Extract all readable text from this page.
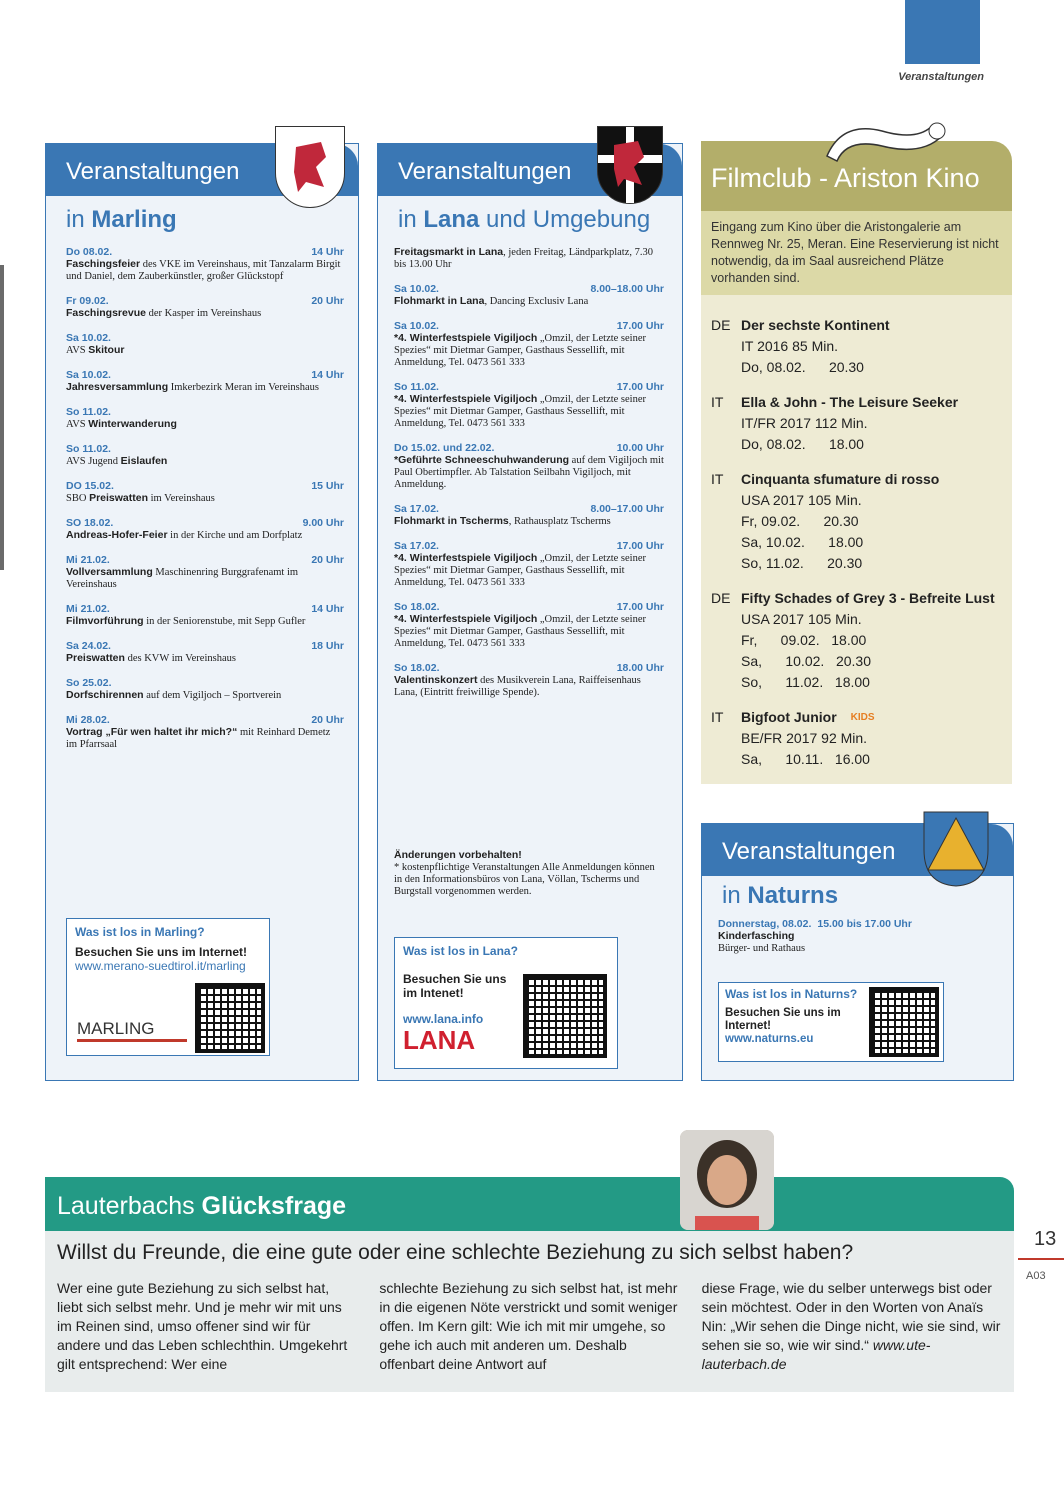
Veranstaltungen
Veranstaltungen
in Marling
Do 08.02.	14 Uhr
Faschingsfeier des VKE im Vereinshaus, mit Tanzalarm Birgit und Daniel, dem Zauberkünstler, großer Glückstopf
Fr 09.02.	20 Uhr
Faschingsrevue der Kasper im Vereinshaus
Sa 10.02.
AVS Skitour
Sa 10.02.	14 Uhr
Jahresversammlung Imkerbezirk Meran im Vereinshaus
So 11.02.
AVS Winterwanderung
So 11.02.
AVS Jugend Eislaufen
DO 15.02.	15 Uhr
SBO Preiswatten im Vereinshaus
SO 18.02.	9.00 Uhr
Andreas-Hofer-Feier in der Kirche und am Dorfplatz
Mi 21.02.	20 Uhr
Vollversammlung Maschinenring Burggrafenamt im Vereinshaus
Mi 21.02.	14 Uhr
Filmvorführung in der Seniorenstube, mit Sepp Gufler
Sa 24.02.	18 Uhr
Preiswatten des KVW im Vereinshaus
So 25.02.
Dorfschirennen auf dem Vigiljoch – Sportverein
Mi 28.02.	20 Uhr
Vortrag „Für wen haltet ihr mich?“ mit Reinhard Demetz im Pfarrsaal
Was ist los in Marling?
Besuchen Sie uns im Internet!
www.merano-suedtirol.it/marling
MARLING
Veranstaltungen
in Lana und Umgebung
Freitagsmarkt in Lana, jeden Freitag, Ländparkplatz, 7.30 bis 13.00 Uhr
Sa 10.02.	8.00–18.00 Uhr
Flohmarkt in Lana, Dancing Exclusiv Lana
Sa 10.02.	17.00 Uhr
*4. Winterfestspiele Vigiljoch „Omzil, der Letzte seiner Spezies“ mit Dietmar Gamper, Gasthaus Sessellift, mit Anmeldung, Tel. 0473 561 333
So 11.02.	17.00 Uhr
*4. Winterfestspiele Vigiljoch „Omzil, der Letzte seiner Spezies“ mit Dietmar Gamper, Gasthaus Sessellift, mit Anmeldung, Tel. 0473 561 333
Do 15.02. und 22.02.	10.00 Uhr
*Geführte Schneeschuhwanderung auf dem Vigiljoch mit Paul Obertimpfler. Ab Talstation Seilbahn Vigiljoch, mit Anmeldung.
Sa 17.02.	8.00–17.00 Uhr
Flohmarkt in Tscherms, Rathausplatz Tscherms
Sa 17.02.	17.00 Uhr
*4. Winterfestspiele Vigiljoch „Omzil, der Letzte seiner Spezies“ mit Dietmar Gamper, Gasthaus Sessellift, mit Anmeldung, Tel. 0473 561 333
So 18.02.	17.00 Uhr
*4. Winterfestspiele Vigiljoch „Omzil, der Letzte seiner Spezies“ mit Dietmar Gamper, Gasthaus Sessellift, mit Anmeldung, Tel. 0473 561 333
So 18.02.	18.00 Uhr
Valentinskonzert des Musikverein Lana, Raiffeisenhaus Lana, (Eintritt freiwillige Spende).
Änderungen vorbehalten!
* kostenpflichtige Veranstaltungen Alle Anmeldungen können in den Informationsbüros von Lana, Völlan, Tscherms und Burgstall vorgenommen werden.
Was ist los in Lana?
Besuchen Sie uns im Intenet!
www.lana.info
LANA
Filmclub - Ariston Kino
Eingang zum Kino über die Aristongalerie am Rennweg Nr. 25, Meran. Eine Reservierung ist nicht notwendig, da im Saal ausreichend Plätze vorhanden sind.
DE Der sechste Kontinent
IT 2016 85 Min.
Do, 08.02.      20.30
IT	Ella & John - The Leisure Seeker
IT/FR 2017 112 Min.
Do, 08.02.      18.00
IT	Cinquanta sfumature di rosso
USA 2017 105 Min.
Fr, 09.02.      20.30
Sa, 10.02.      18.00
So, 11.02.      20.30
DE Fifty Schades of Grey 3 - Befreite Lust
USA 2017 105 Min.
Fr,      09.02.   18.00
Sa,      10.02.   20.30
So,      11.02.   18.00
IT	Bigfoot Junior KIDS
BE/FR 2017 92 Min.
Sa,      10.11.   16.00
Veranstaltungen
in Naturns
Donnerstag, 08.02. 15.00 bis 17.00 Uhr
Kinderfasching
Bürger- und Rathaus
Was ist los in Naturns?
Besuchen Sie uns im Internet!
www.naturns.eu
Lauterbachs Glücksfrage
Willst du Freunde, die eine gute oder eine schlechte Beziehung zu sich selbst haben?
Wer eine gute Beziehung zu sich selbst hat, liebt sich selbst mehr. Und je mehr wir mit uns im Reinen sind, umso offener sind wir für andere und das Leben schlechthin. Umgekehrt gilt entsprechend: Wer eine
schlechte Beziehung zu sich selbst hat, ist mehr in die eigenen Nöte verstrickt und somit weniger offen. Im Kern gilt: Wie ich mit mir umgehe, so gehe ich auch mit anderen um. Deshalb offenbart deine Antwort auf
diese Frage, wie du selber unterwegs bist oder sein möchtest. Oder in den Worten von Anaïs Nin: „Wir sehen die Dinge nicht, wie sie sind, wir sehen sie so, wie wir sind.“ www.ute-lauterbach.de
13
A03
